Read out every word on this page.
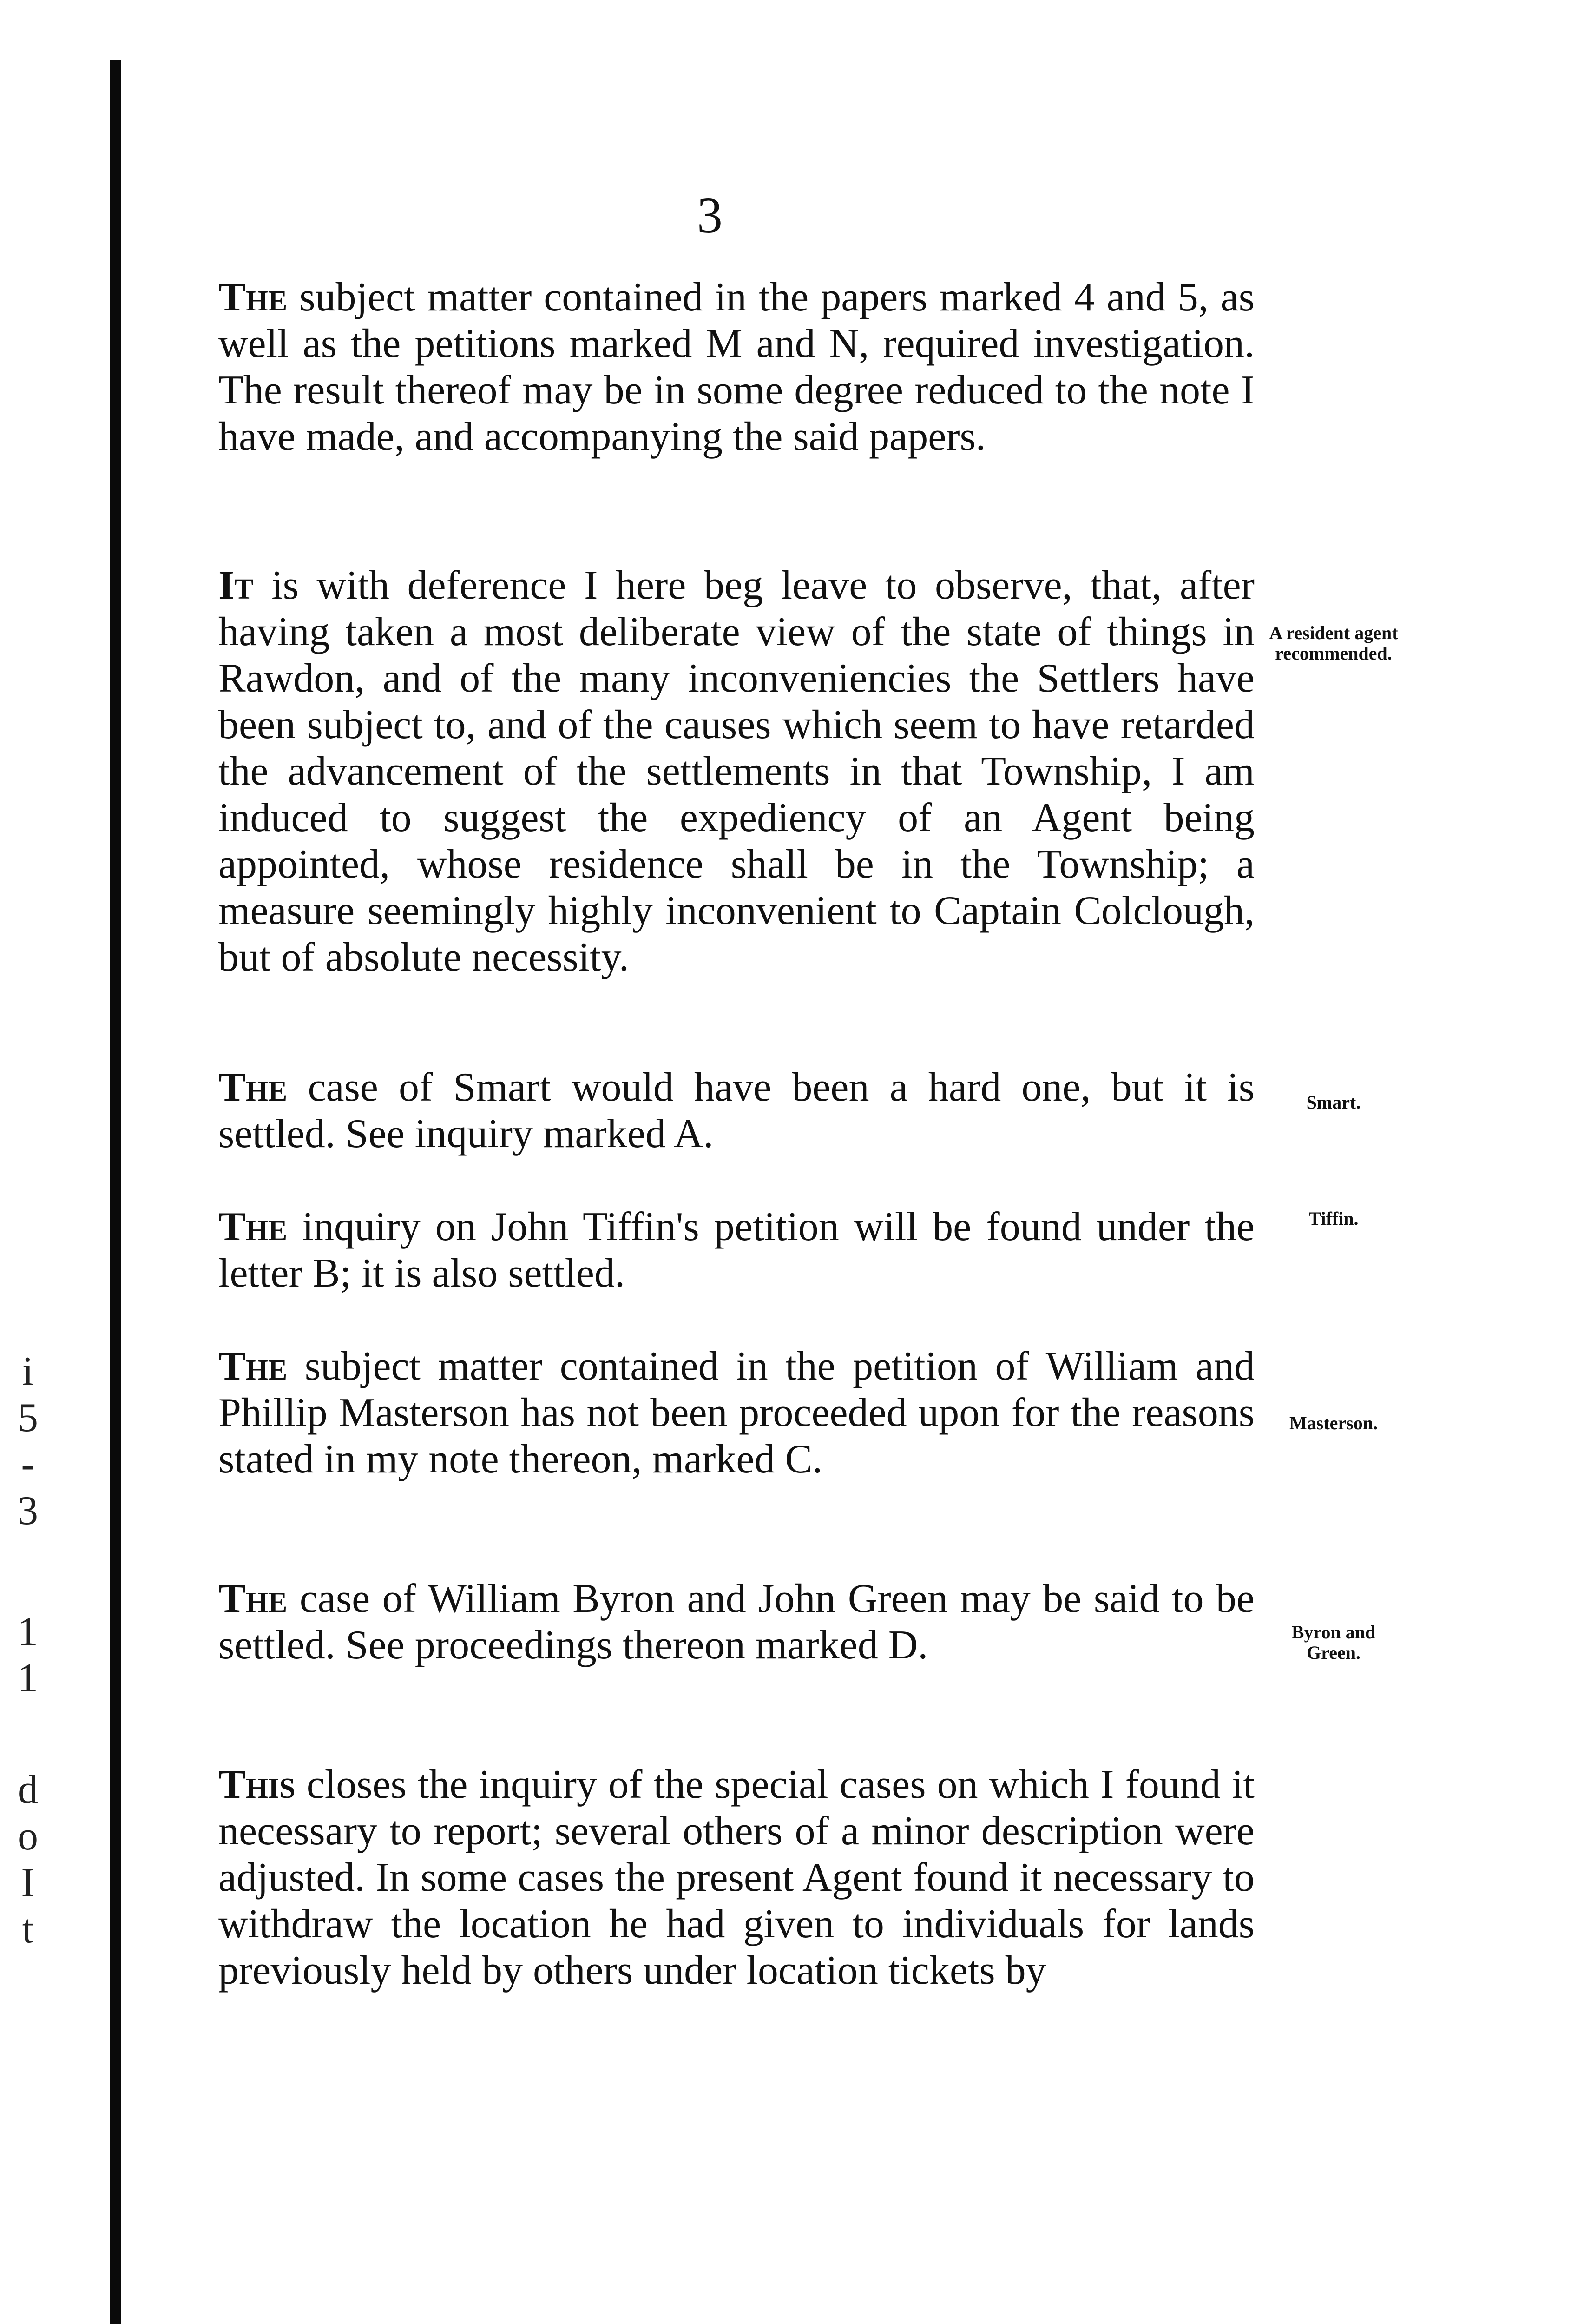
i
5
-
3
1
1
d
o
I
t
3

The subject matter contained in the papers marked 4 and 5, as well as the petitions marked M and N, required investigation. The result thereof may be in some degree reduced to the note I have made, and accompanying the said papers.

It is with deference I here beg leave to observe, that, after having taken a most deliberate view of the state of things in Rawdon, and of the many inconveniencies the Settlers have been subject to, and of the causes which seem to have retarded the advancement of the settlements in that Township, I am induced to suggest the expediency of an Agent being appointed, whose residence shall be in the Township; a measure seemingly highly inconvenient to Captain Colclough, but of absolute necessity.

A resident agent recommended.

The case of Smart would have been a hard one, but it is settled. See inquiry marked A.

Smart.

The inquiry on John Tiffin's petition will be found under the letter B; it is also settled.

Tiffin.

The subject matter contained in the petition of William and Phillip Masterson has not been proceeded upon for the reasons stated in my note thereon, marked C.

Masterson.

The case of William Byron and John Green may be said to be settled. See proceedings thereon marked D.	Byron and Green.

This closes the inquiry of the special cases on which I found it necessary to report; several others of a minor description were adjusted. In some cases the present Agent found it necessary to withdraw the location he had given to individuals for lands previously held by others under location tickets by
